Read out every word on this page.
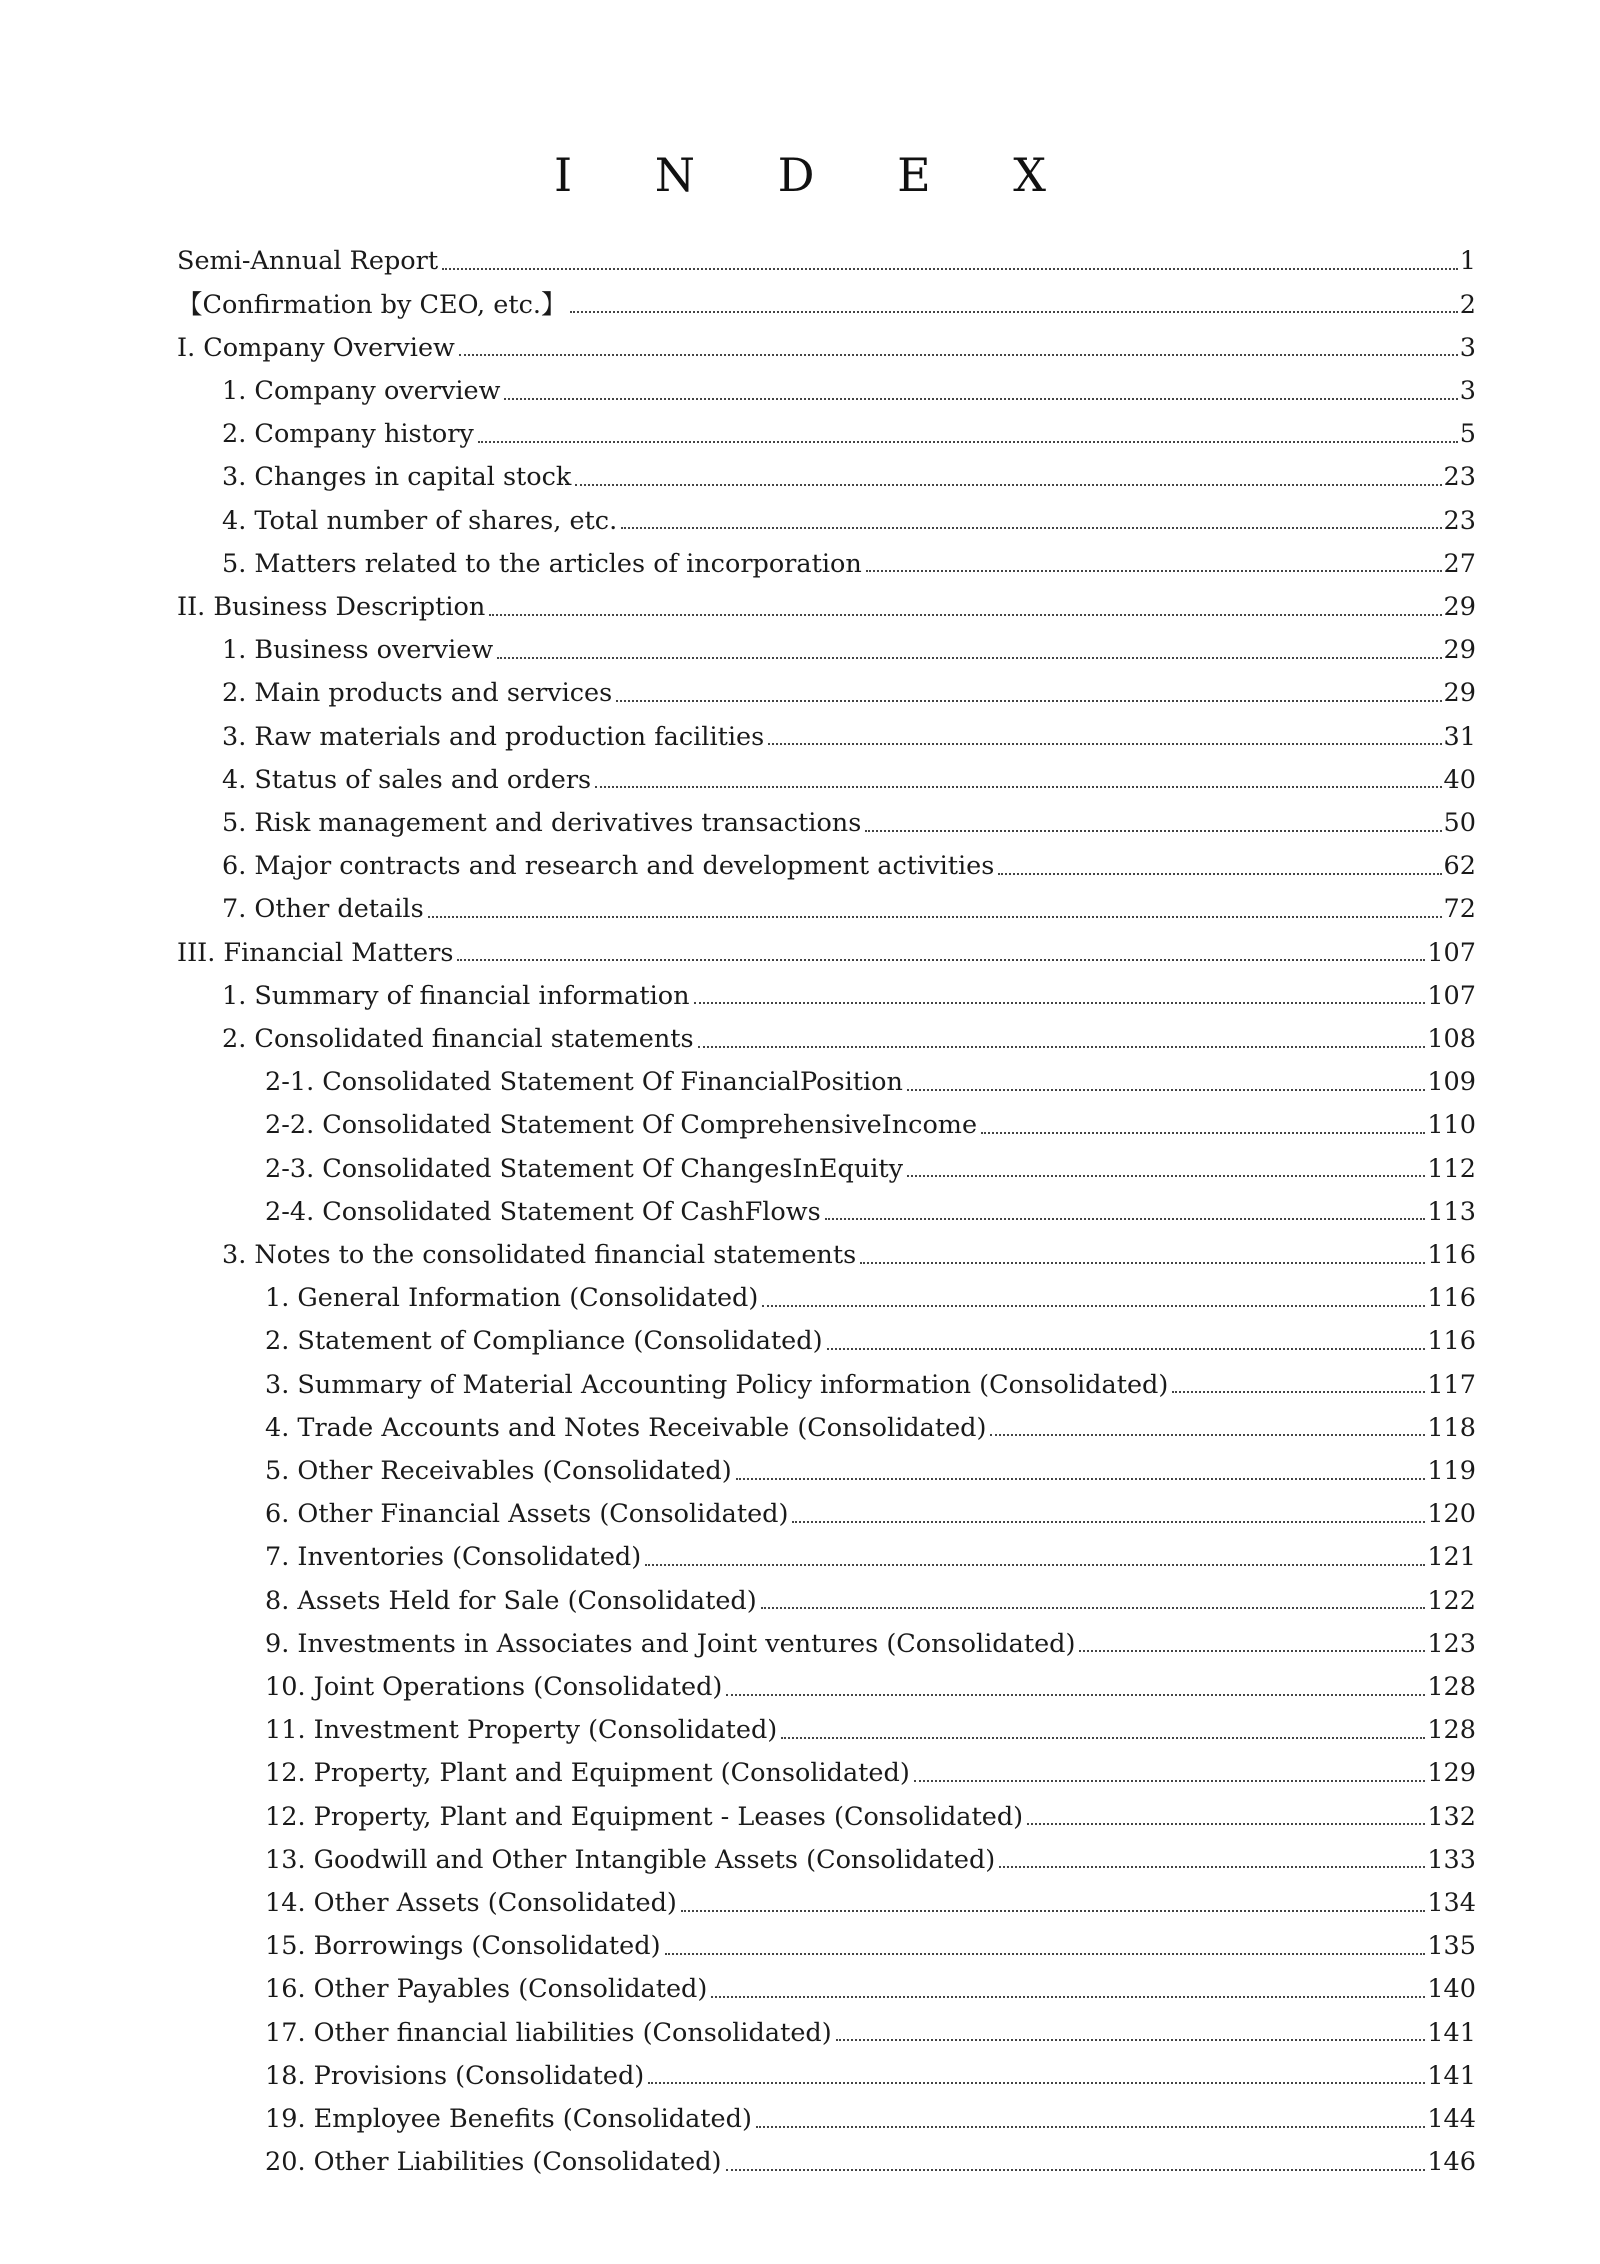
I N D E X
Semi-Annual Report	1
【Confirmation by CEO, etc.】	2
I. Company Overview	3
1. Company overview	3
2. Company history	5
3. Changes in capital stock	23
4. Total number of shares, etc.	23
5. Matters related to the articles of incorporation	27
II. Business Description	29
1. Business overview	29
2. Main products and services	29
3. Raw materials and production facilities	31
4. Status of sales and orders	40
5. Risk management and derivatives transactions	50
6. Major contracts and research and development activities	62
7. Other details	72
III. Financial Matters	107
1. Summary of financial information	107
2. Consolidated financial statements	108
2-1. Consolidated Statement Of FinancialPosition	109
2-2. Consolidated Statement Of ComprehensiveIncome	110
2-3. Consolidated Statement Of ChangesInEquity	112
2-4. Consolidated Statement Of CashFlows	113
3. Notes to the consolidated financial statements	116
1. General Information (Consolidated)	116
2. Statement of Compliance (Consolidated)	116
3. Summary of Material Accounting Policy information (Consolidated)	117
4. Trade Accounts and Notes Receivable (Consolidated)	118
5. Other Receivables (Consolidated)	119
6. Other Financial Assets (Consolidated)	120
7. Inventories (Consolidated)	121
8. Assets Held for Sale (Consolidated)	122
9. Investments in Associates and Joint ventures (Consolidated)	123
10. Joint Operations (Consolidated)	128
11. Investment Property (Consolidated)	128
12. Property, Plant and Equipment (Consolidated)	129
12. Property, Plant and Equipment - Leases (Consolidated)	132
13. Goodwill and Other Intangible Assets (Consolidated)	133
14. Other Assets (Consolidated)	134
15. Borrowings (Consolidated)	135
16. Other Payables (Consolidated)	140
17. Other financial liabilities (Consolidated)	141
18. Provisions (Consolidated)	141
19. Employee Benefits (Consolidated)	144
20. Other Liabilities (Consolidated)	146
